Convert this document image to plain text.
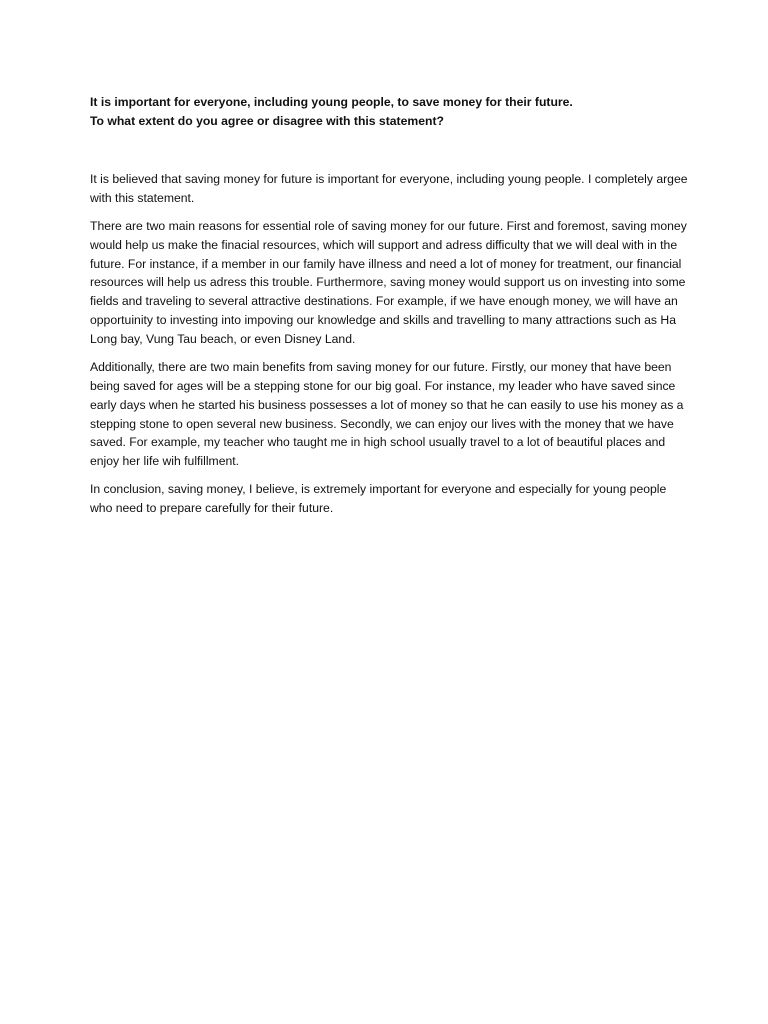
It is important for everyone, including young people, to save money for their future.

To what extent do you agree or disagree with this statement?

It is believed that saving money for future is important for everyone, including young people. I completely argee with this statement.

There are two main reasons for essential role of saving money for our future. First and foremost, saving money would help us make the finacial resources, which will support and adress difficulty that we will deal with in the future. For instance, if a member in our family have illness and need a lot of money for treatment, our financial resources will help us adress this trouble. Furthermore, saving money would support us on investing into some fields and traveling to several attractive destinations. For example, if we have enough money, we will have an opportuinity to investing into impoving our knowledge and skills and travelling to many attractions such as Ha Long bay, Vung Tau beach, or even Disney Land.

Additionally, there are two main benefits from saving money for our future. Firstly, our money that have been being saved for ages will be a stepping stone for our big goal. For instance, my leader who have saved since early days when he started his business possesses a lot of money so that he can easily to use his money as a stepping stone to open several new business. Secondly, we can enjoy our lives with the money that we have saved. For example, my teacher who taught me in high school usually travel to a lot of beautiful places and enjoy her life wih fulfillment.

In conclusion, saving money, I believe, is extremely important for everyone and especially for young people who need to prepare carefully for their future.
